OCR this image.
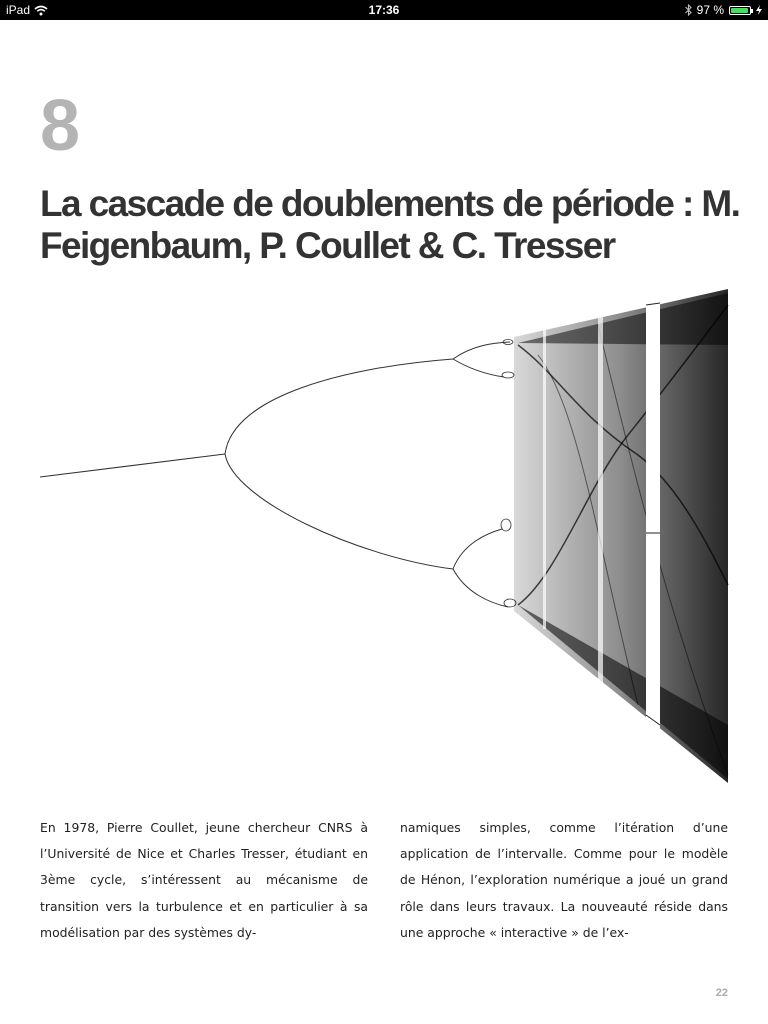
iPad	17:36	97 %
8
La cascade de doublements de période : M. Feigenbaum, P. Coullet & C. Tresser

En 1978, Pierre Coullet, jeune chercheur CNRS à l’Université de Nice et Charles Tresser, étudiant en 3ème cycle, s’intéressent au mécanisme de transition vers la turbulence et en particulier à sa modélisation par des systèmes dy-

namiques simples, comme l’itération d’une application de l’intervalle. Comme pour le modèle de Hénon, l’exploration numérique a joué un grand rôle dans leurs travaux. La nouveauté réside dans une approche « interactive » de l’ex-

22
